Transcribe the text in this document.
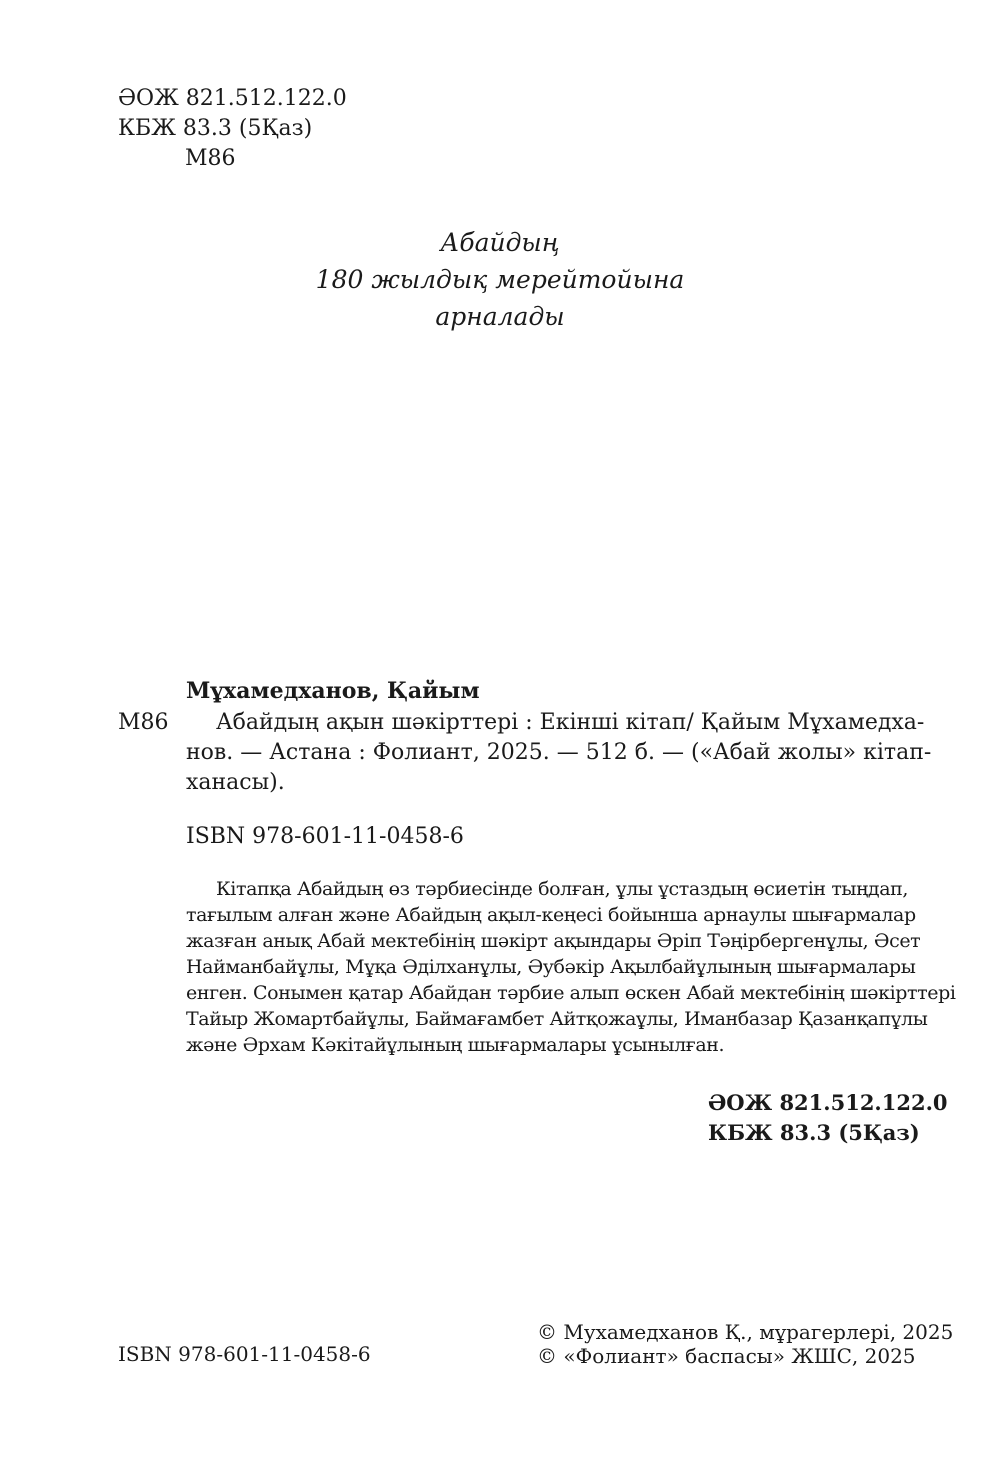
ӘОЖ 821.512.122.0
КБЖ 83.3 (5Қаз)
М86
Абайдың
180 жылдық мерейтойына
арналады
Мұхамедханов, Қайым
М86	Абайдың ақын шәкірттері : Екінші кітап/ Қайым Мұхамедха-
нов. — Астана : Фолиант, 2025. — 512 б. — («Абай жолы» кітап-
ханасы).
ISBN 978-601-11-0458-6
Кітапқа Абайдың өз тәрбиесінде болған, ұлы ұстаздың өсиетін тыңдап,
тағылым алған және Абайдың ақыл-кеңесі бойынша арнаулы шығармалар
жазған анық Абай мектебінің шәкірт ақындары Әріп Тәңірбергенұлы, Әсет
Найманбайұлы, Мұқа Әділханұлы, Әубәкір Ақылбайұлының шығармалары
енген. Сонымен қатар Абайдан тәрбие алып өскен Абай мектебінің шәкірттері
Тайыр Жомартбайұлы, Баймағамбет Айтқожаұлы, Иманбазар Қазанқапұлы
және Әрхам Кәкітайұлының шығармалары ұсынылған.
ӘОЖ 821.512.122.0
КБЖ 83.3 (5Қаз)
ISBN 978-601-11-0458-6
© Мухамедханов Қ., мұрагерлері, 2025
© «Фолиант» баспасы» ЖШС, 2025
